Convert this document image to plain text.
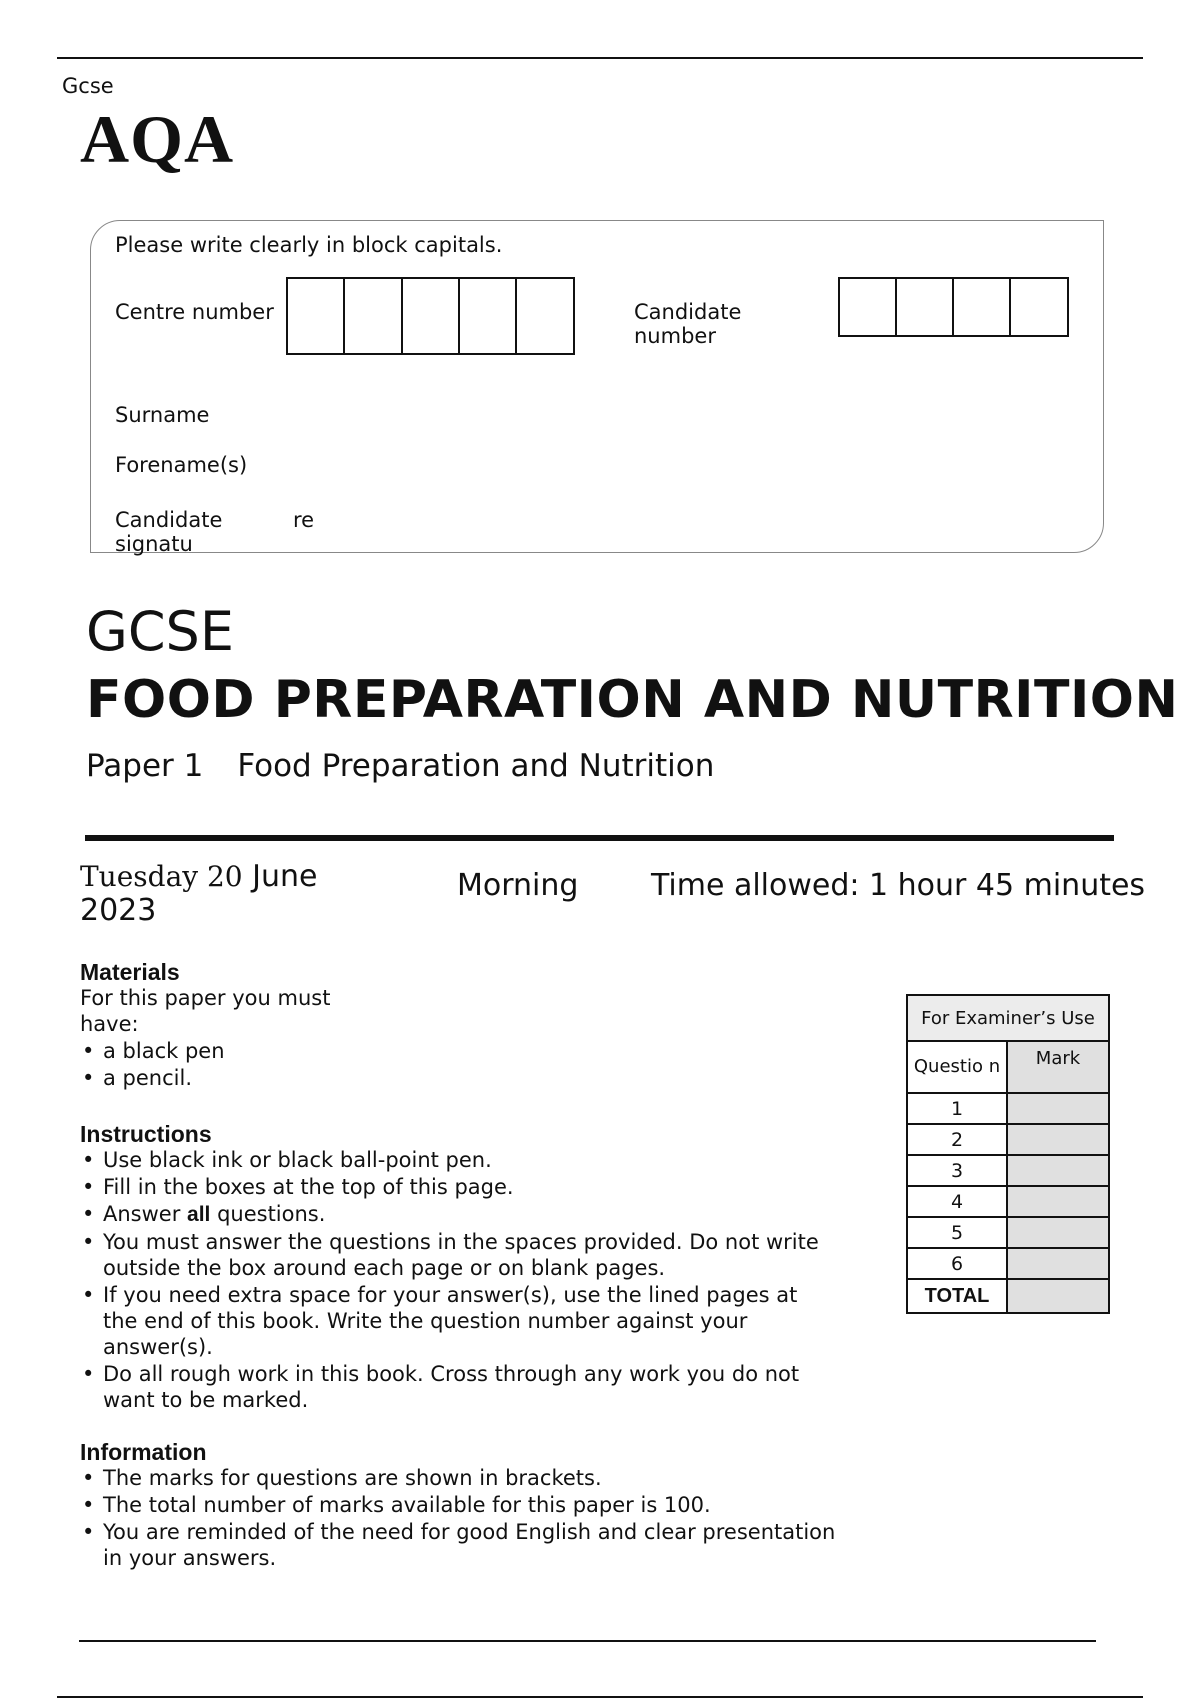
Gcse
AQA
Please write clearly in block capitals.
Centre number	Candidate
number
Surname
Forename(s)
Candidate
signatu
re
GCSE
FOOD PREPARATION AND NUTRITION
Paper 1 Food Preparation and Nutrition
Tuesday 20 June
2023
Morning Time allowed: 1 hour 45 minutes
Materials
For this paper you must
have:
• a black pen
• a pencil.
Instructions
• Use black ink or black ball-point pen.
• Fill in the boxes at the top of this page.
• Answer all questions.
• You must answer the questions in the spaces provided. Do not write outside the box around each page or on blank pages.
• If you need extra space for your answer(s), use the lined pages at the end of this book. Write the question number against your answer(s).
• Do all rough work in this book. Cross through any work you do not want to be marked.
Information
• The marks for questions are shown in brackets.
• The total number of marks available for this paper is 100.
• You are reminded of the need for good English and clear presentation in your answers.
For Examiner’s Use	
Questio n	Mark
1	
2	
3	
4	
5	
6	
TOTAL	
